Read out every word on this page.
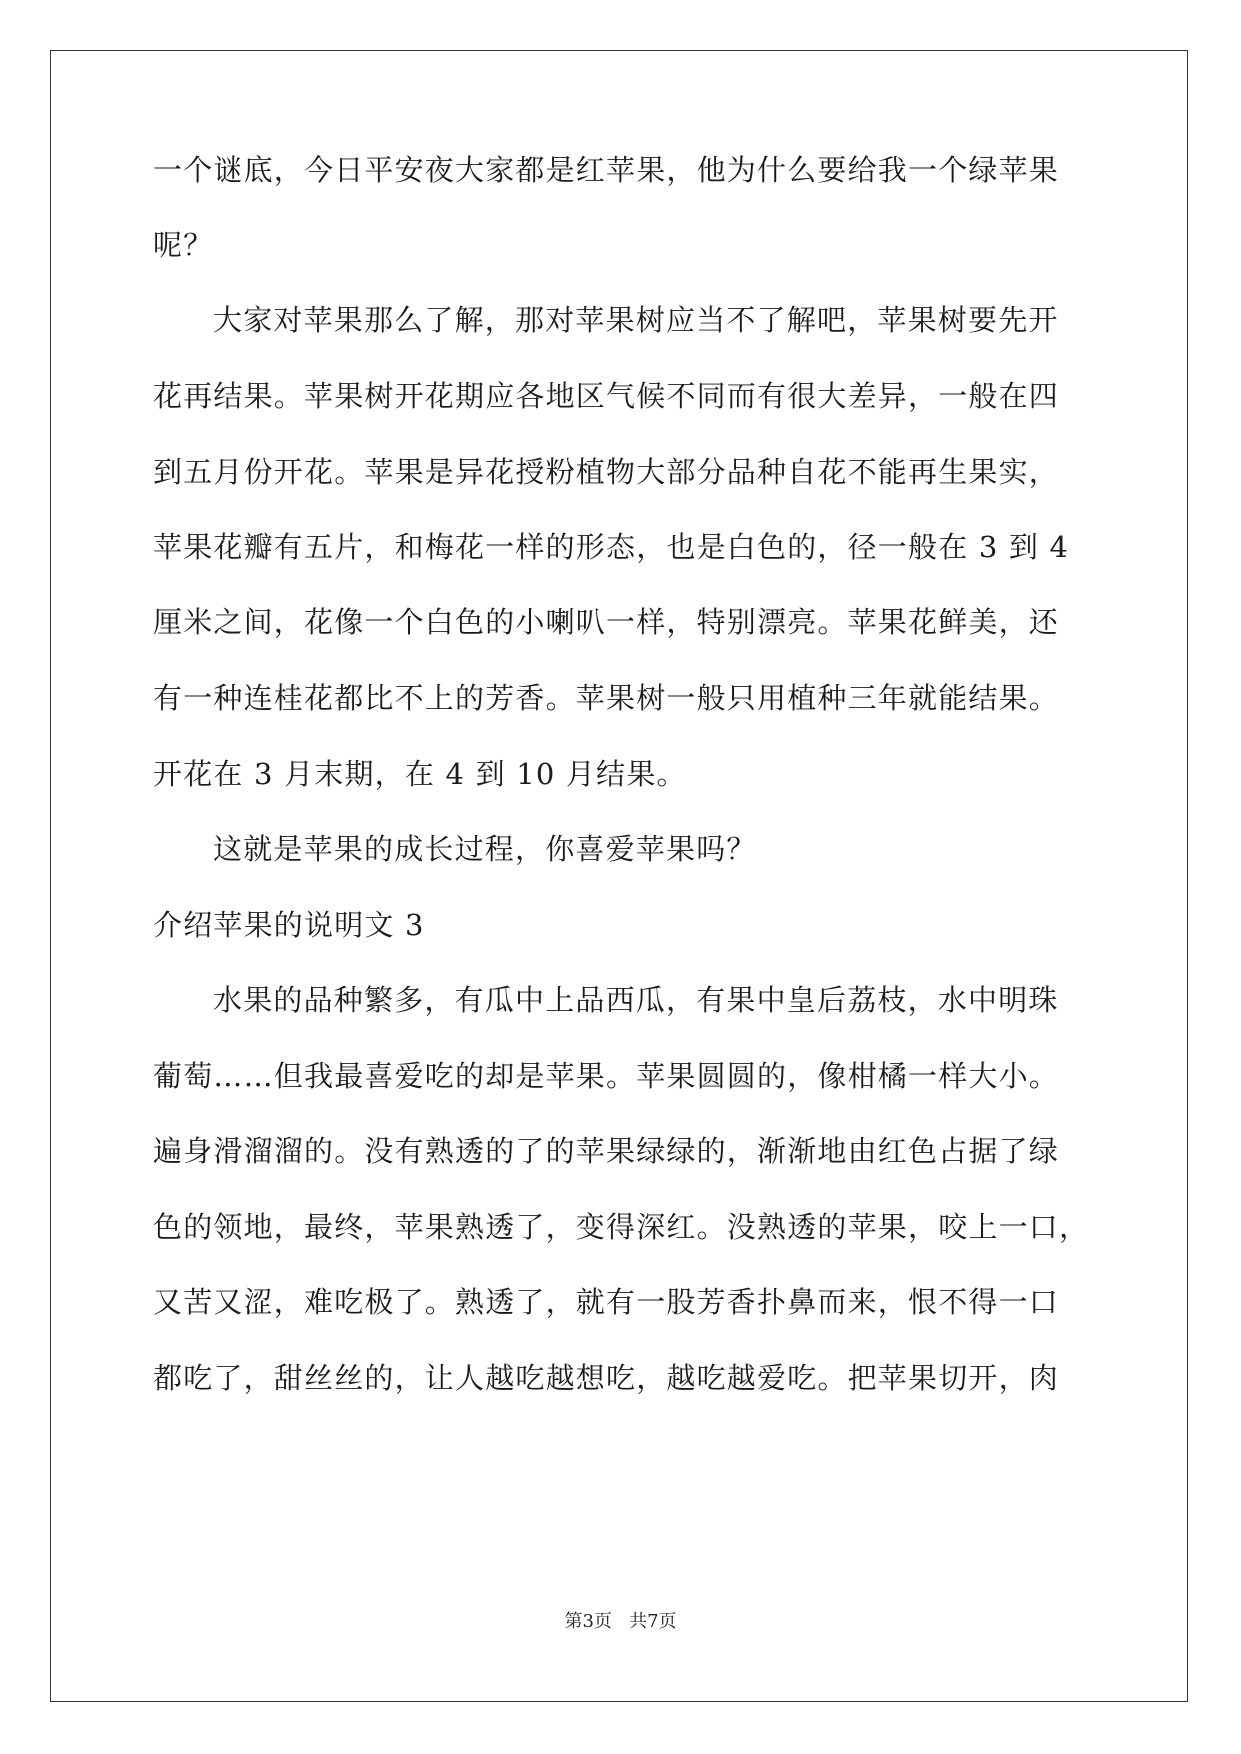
一个谜底，今日平安夜大家都是红苹果，他为什么要给我一个绿苹果
呢？
大家对苹果那么了解，那对苹果树应当不了解吧，苹果树要先开
花再结果。苹果树开花期应各地区气候不同而有很大差异，一般在四
到五月份开花。苹果是异花授粉植物大部分品种自花不能再生果实，
苹果花瓣有五片，和梅花一样的形态，也是白色的，径一般在 3 到 4
厘米之间，花像一个白色的小喇叭一样，特别漂亮。苹果花鲜美，还
有一种连桂花都比不上的芳香。苹果树一般只用植种三年就能结果。
开花在 3 月末期，在 4 到 10 月结果。
这就是苹果的成长过程，你喜爱苹果吗？
介绍苹果的说明文 3
水果的品种繁多，有瓜中上品西瓜，有果中皇后荔枝，水中明珠
葡萄……但我最喜爱吃的却是苹果。苹果圆圆的，像柑橘一样大小。
遍身滑溜溜的。没有熟透的了的苹果绿绿的，渐渐地由红色占据了绿
色的领地，最终，苹果熟透了，变得深红。没熟透的苹果，咬上一口，
又苦又涩，难吃极了。熟透了，就有一股芳香扑鼻而来，恨不得一口
都吃了，甜丝丝的，让人越吃越想吃，越吃越爱吃。把苹果切开，肉
第3页 共7页
